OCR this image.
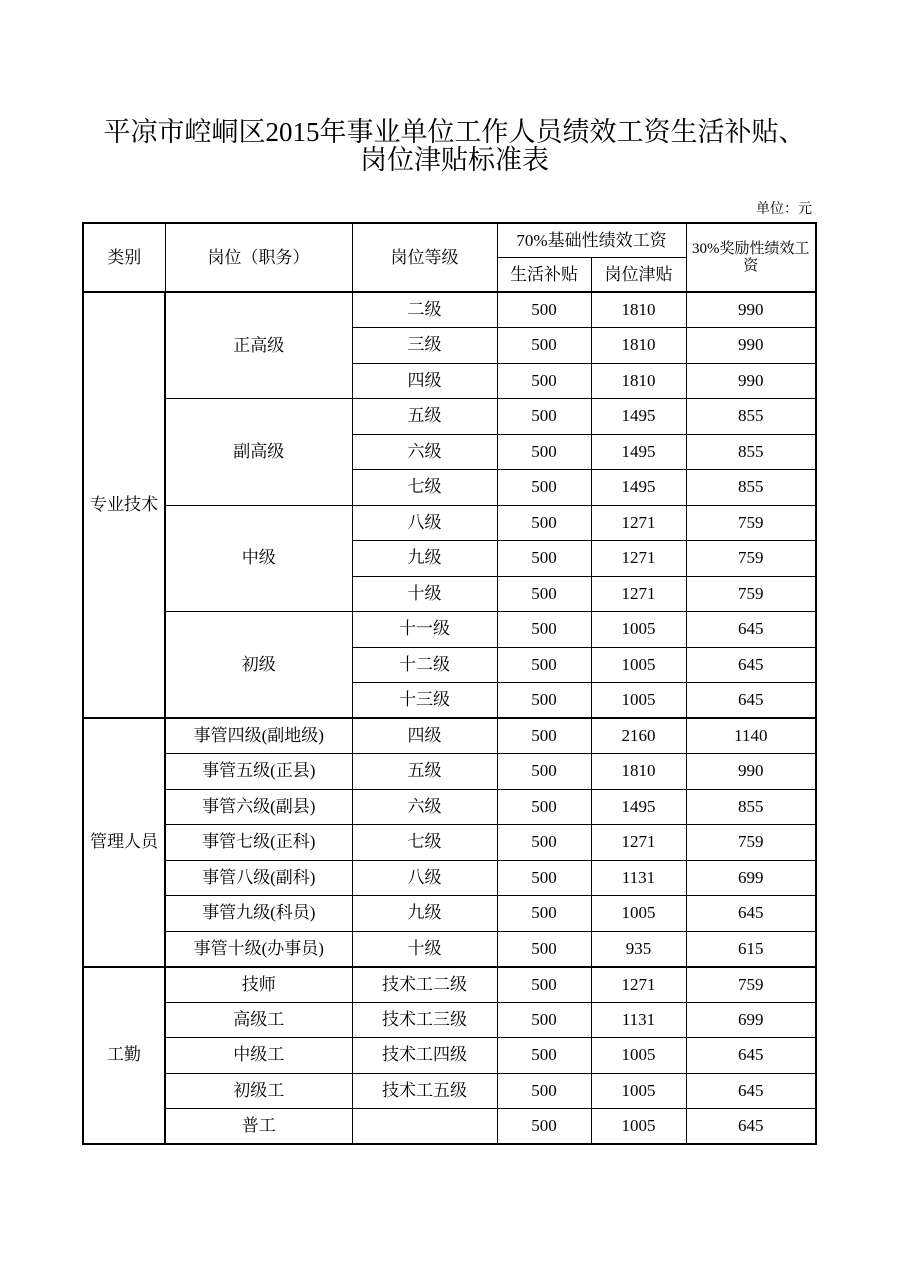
平凉市崆峒区2015年事业单位工作人员绩效工资生活补贴、
岗位津贴标准表
单位：元
类别	岗位（职务）	岗位等级	70%基础性绩效工资		30%奖励性绩效工资
			生活补贴	岗位津贴	
专业技术	正高级	二级	500	1810	990
		三级	500	1810	990
		四级	500	1810	990
	副高级	五级	500	1495	855
		六级	500	1495	855
		七级	500	1495	855
	中级	八级	500	1271	759
		九级	500	1271	759
		十级	500	1271	759
	初级	十一级	500	1005	645
		十二级	500	1005	645
		十三级	500	1005	645
管理人员	事管四级(副地级)	四级	500	2160	1140
	事管五级(正县)	五级	500	1810	990
	事管六级(副县)	六级	500	1495	855
	事管七级(正科)	七级	500	1271	759
	事管八级(副科)	八级	500	1131	699
	事管九级(科员)	九级	500	1005	645
	事管十级(办事员)	十级	500	935	615
工勤	技师	技术工二级	500	1271	759
	高级工	技术工三级	500	1131	699
	中级工	技术工四级	500	1005	645
	初级工	技术工五级	500	1005	645
	普工		500	1005	645
